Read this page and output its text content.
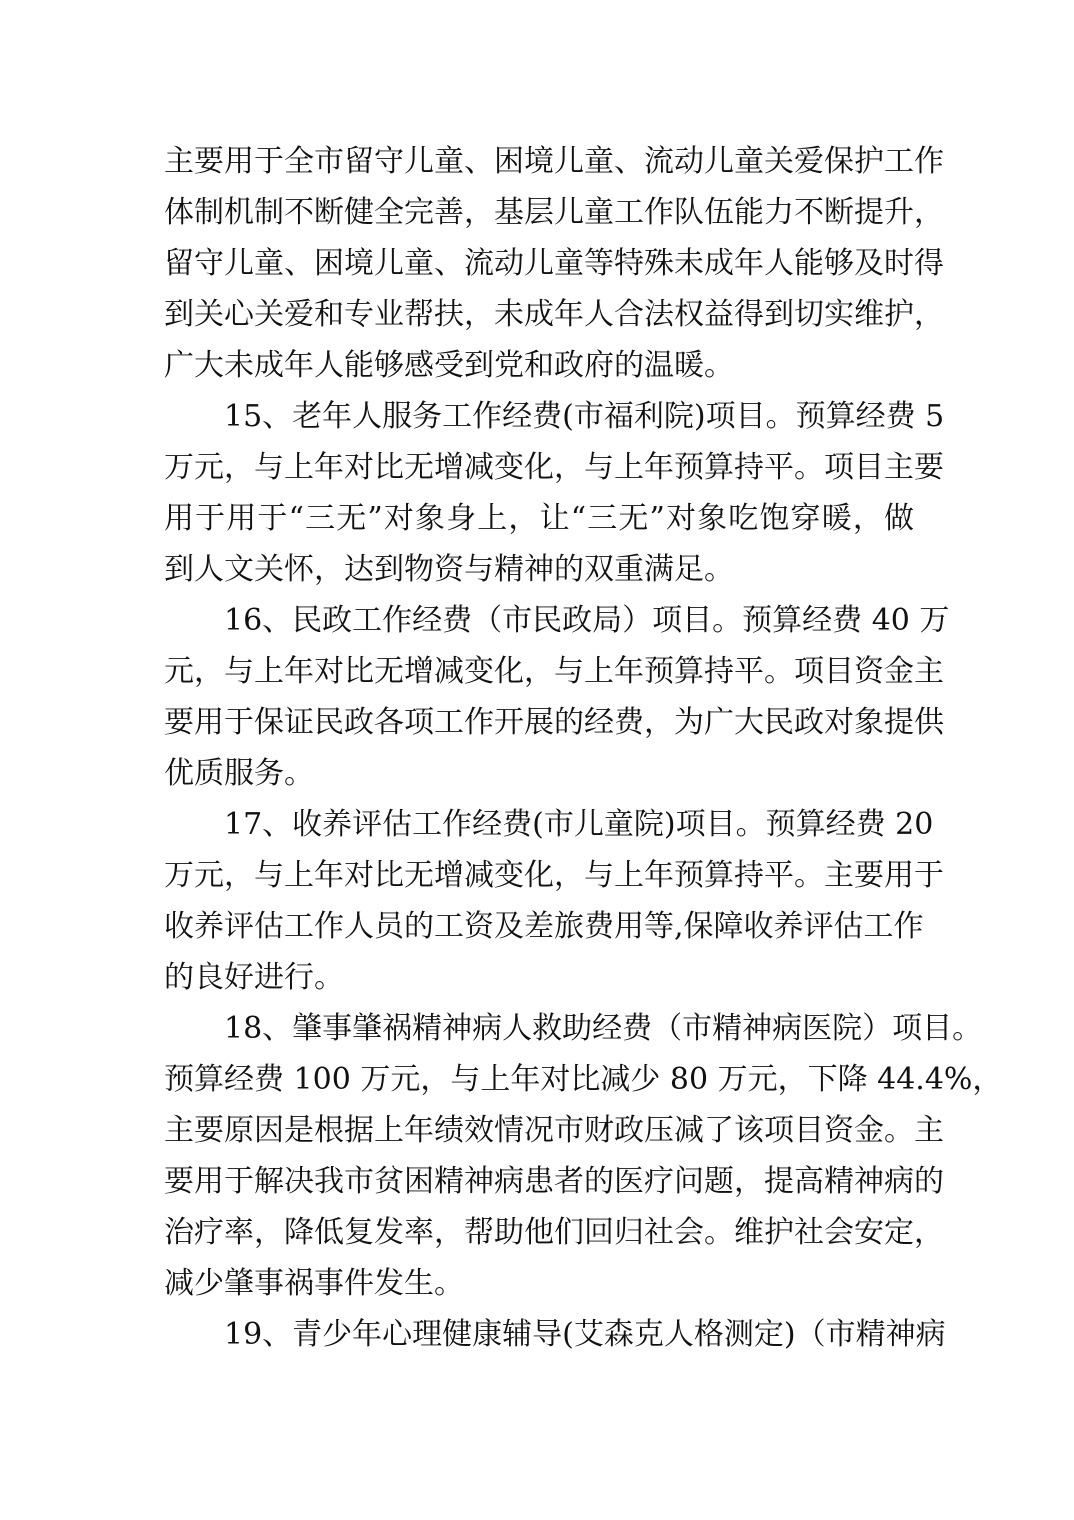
主要用于全市留守儿童、困境儿童、流动儿童关爱保护工作
体制机制不断健全完善，基层儿童工作队伍能力不断提升，
留守儿童、困境儿童、流动儿童等特殊未成年人能够及时得
到关心关爱和专业帮扶，未成年人合法权益得到切实维护，
广大未成年人能够感受到党和政府的温暖。
15、老年人服务工作经费(市福利院)项目。预算经费 5
万元，与上年对比无增减变化，与上年预算持平。项目主要
用于用于“三无”对象身上，让“三无”对象吃饱穿暖，做
到人文关怀，达到物资与精神的双重满足。
16、民政工作经费（市民政局）项目。预算经费 40 万
元，与上年对比无增减变化，与上年预算持平。项目资金主
要用于保证民政各项工作开展的经费，为广大民政对象提供
优质服务。
17、收养评估工作经费(市儿童院)项目。预算经费 20
万元，与上年对比无增减变化，与上年预算持平。主要用于
收养评估工作人员的工资及差旅费用等,保障收养评估工作
的良好进行。
18、肇事肇祸精神病人救助经费（市精神病医院）项目。
预算经费 100 万元，与上年对比减少 80 万元，下降 44.4%，
主要原因是根据上年绩效情况市财政压减了该项目资金。主
要用于解决我市贫困精神病患者的医疗问题，提高精神病的
治疗率，降低复发率，帮助他们回归社会。维护社会安定，
减少肇事祸事件发生。
19、青少年心理健康辅导(艾森克人格测定)（市精神病
